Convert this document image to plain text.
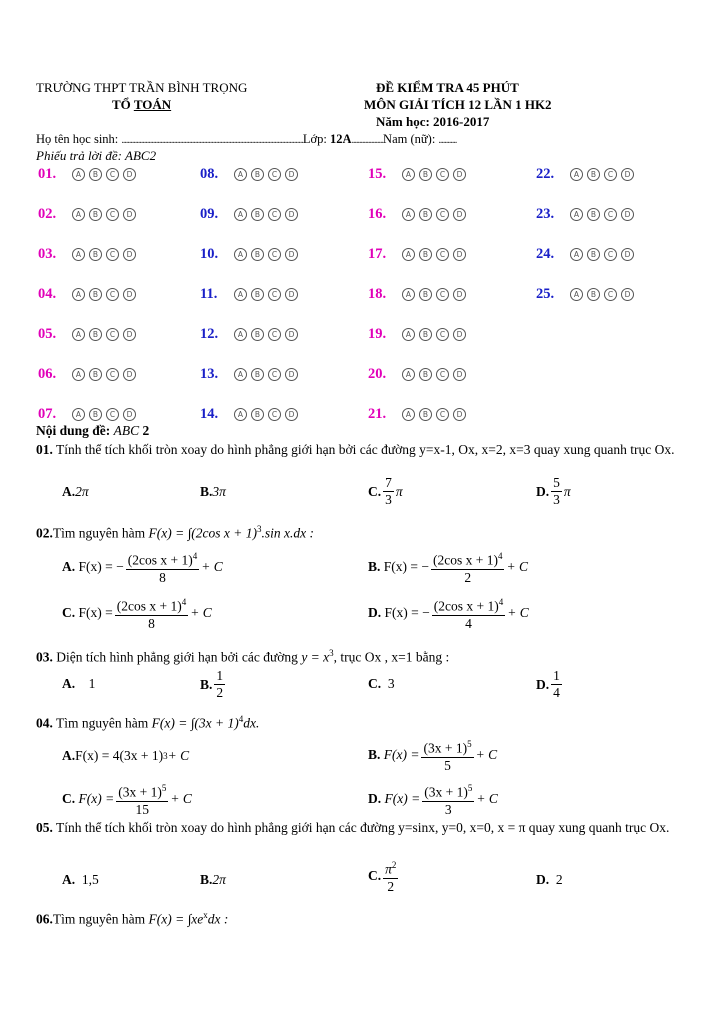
TRƯỜNG THPT TRẦN BÌNH TRỌNG
TỔ TOÁN
ĐỀ KIỂM TRA 45 PHÚT
MÔN GIẢI TÍCH 12 LẦN 1 HK2
Năm học: 2016-2017
Họ tên học sinh: .........................................................................................................................Lớp: 12A.....................Nam (nữ): ............
Phiếu trả lời đề: ABC2
01.	A	B	C	D
02.	A	B	C	D
03.	A	B	C	D
04.	A	B	C	D
05.	A	B	C	D
06.	A	B	C	D
07.	A	B	C	D
08.	A	B	C	D
09.	A	B	C	D
10.	A	B	C	D
11.	A	B	C	D
12.	A	B	C	D
13.	A	B	C	D
14.	A	B	C	D
15.	A	B	C	D
16.	A	B	C	D
17.	A	B	C	D
18.	A	B	C	D
19.	A	B	C	D
20.	A	B	C	D
21.	A	B	C	D
22.	A	B	C	D
23.	A	B	C	D
24.	A	B	C	D
25.	A	B	C	D
Nội dung đề: ABC 2
01. Tính thể tích khối tròn xoay do hình phẳng giới hạn bởi các đường y=x-1, Ox, x=2, x=3 quay xung quanh trục Ox.
A. 2π	B. 3π	C. $\frac{7}{3}$ π	D. $\frac{5}{3}$ π
02.Tìm nguyên hàm F(x) = ∫(2cos x + 1)$^3$.sin x.dx :
A.
F(x) = − $\frac{(2\cos x + 1)^4}{8} + C$	B.
F(x) = − $\frac{(2\cos x + 1)^4}{2} + C$
C.
$F(x) = \frac{(2\cos x + 1)^4}{8} + C$	D.
F(x) = − $\frac{(2\cos x + 1)^4}{4} + C$
03. Diện tích hình phẳng giới hạn bởi các đường $y = x^3$, trục Ox , x=1 bằng :
A.
1	B. $\frac{1}{2}$	C.
3	D. $\frac{1}{4}$
04. Tìm nguyên hàm $F(x) = \int(3x + 1)^4dx$.
A. F(x) = 4(3x + 1) 3 + C	B.
$F(x) = \frac{(3x + 1)^5}{5} + C$
C.
$F(x) = \frac{(3x + 1)^5}{15} + C$	D.
$F(x) = \frac{(3x + 1)^5}{3} + C$
05. Tính thể tích khối tròn xoay do hình phẳng giới hạn các đường y=sinx, y=0, x=0, x = π quay xung quanh trục Ox.
A.
1,5	B. 2π	C. $\frac{\pi^2}{2}$	D.
2
06.Tìm nguyên hàm $F(x) = \int xe^xdx$ :
